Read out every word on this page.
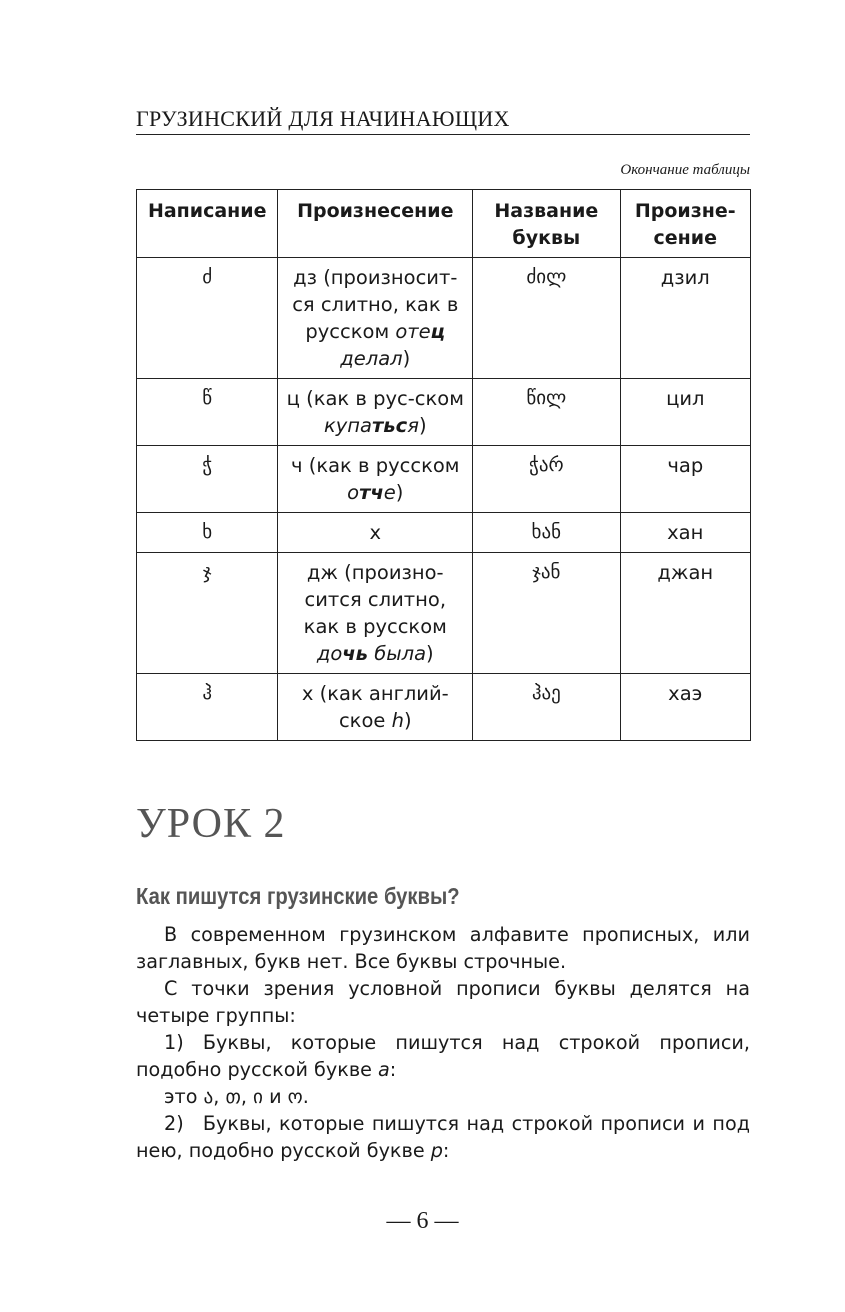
ГРУЗИНСКИЙ ДЛЯ НАЧИНАЮЩИХ
Окончание таблицы
Написание	Произнесение	Название буквы	Произне-сение
ძ	дз (произносит-ся слитно, как в русском отец делал)	ძილ	дзил
წ	ц (как в рус-ском купаться)	წილ	цил
ჭ	ч (как в русском отче)	ჭარ	чар
ხ	х	ხან	хан
ჯ	дж (произно-сится слитно, как в русском дочь была)	ჯან	джан
ჰ	х (как англий-ское h)	ჰაე	хаэ
УРОК 2
Как пишутся грузинские буквы?

В современном грузинском алфавите прописных, или заглавных, букв нет. Все буквы строчные.

С точки зрения условной прописи буквы делятся на четыре группы:

1) Буквы, которые пишутся над строкой прописи, подобно русской букве а:

это ა, თ, ი и ო.

2) Буквы, которые пишутся над строкой прописи и под нею, подобно русской букве р:

— 6 —
